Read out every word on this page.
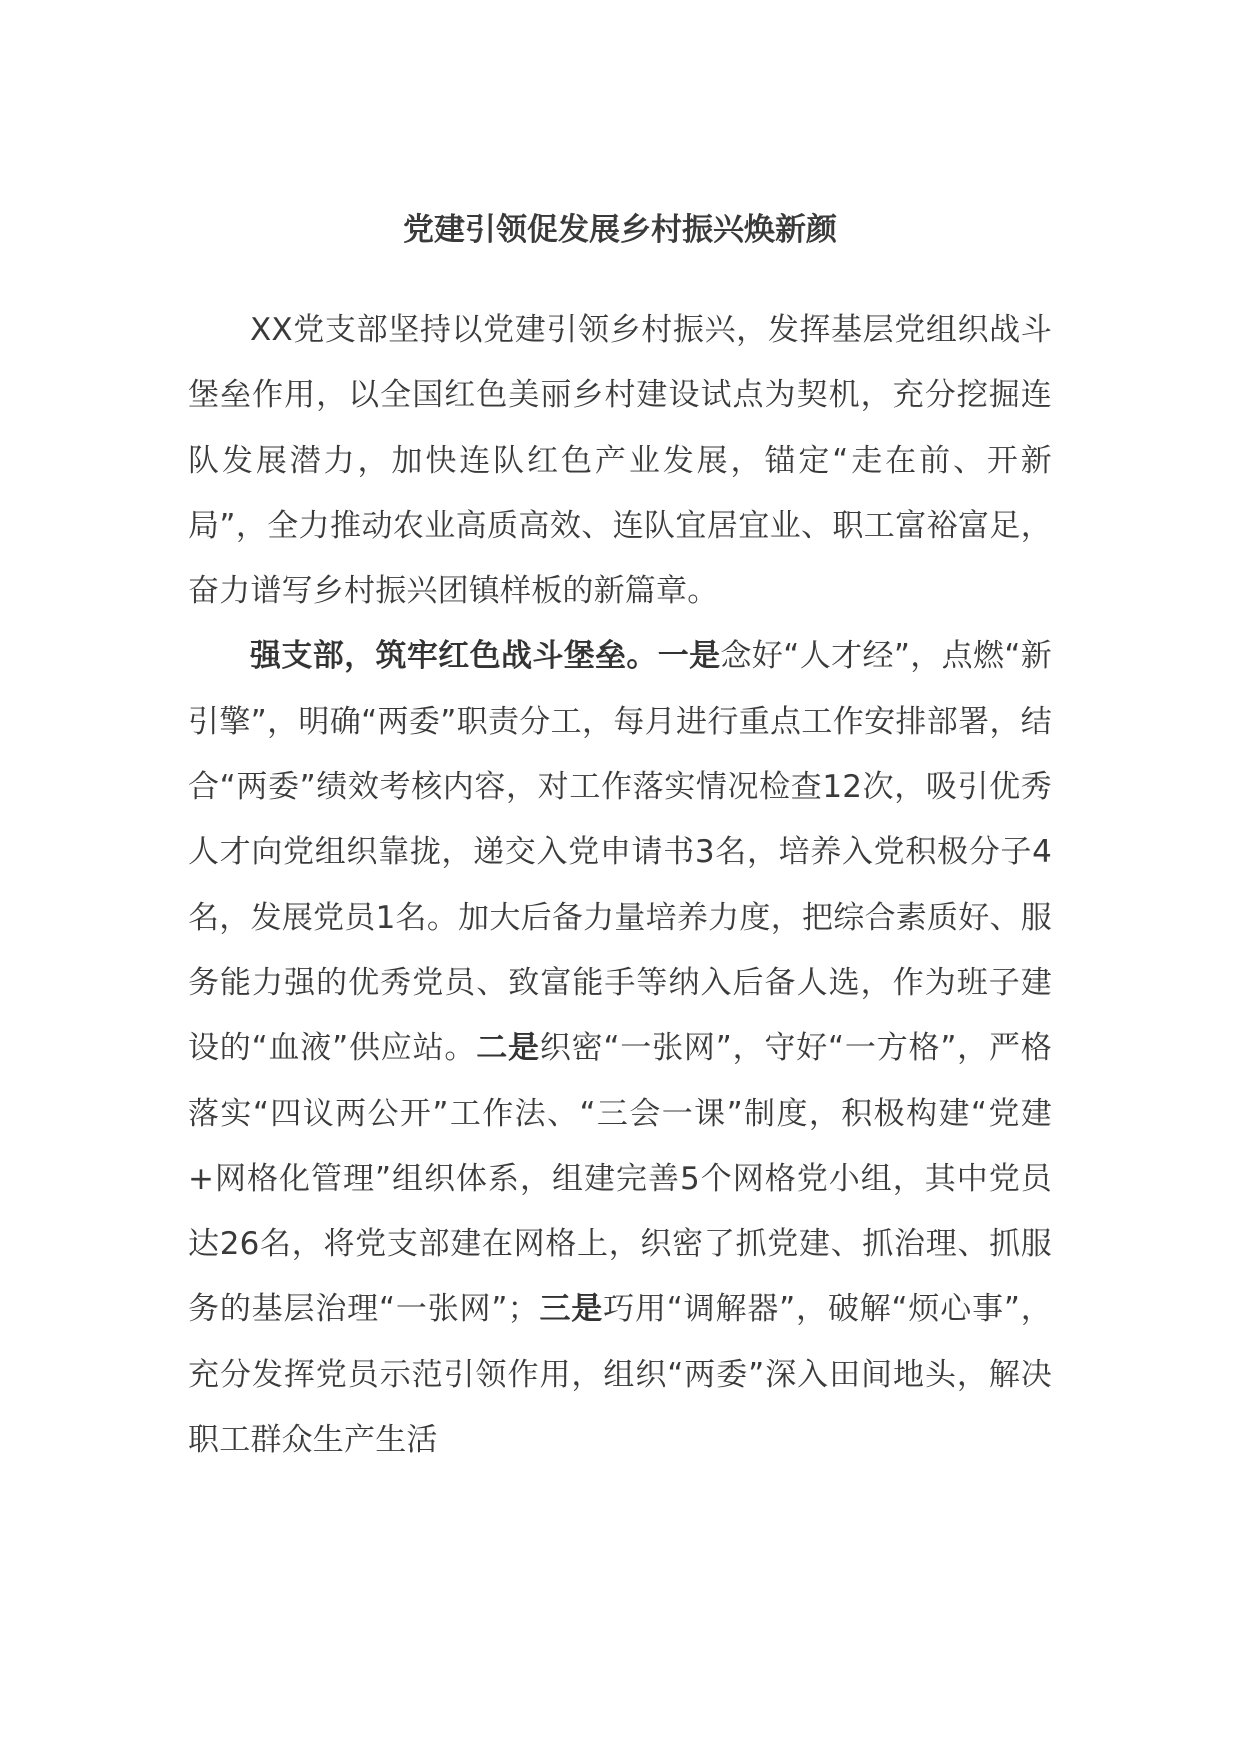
党建引领促发展乡村振兴焕新颜

XX党支部坚持以党建引领乡村振兴，发挥基层党组织战斗堡垒作用，以全国红色美丽乡村建设试点为契机，充分挖掘连队发展潜力，加快连队红色产业发展，锚定“走在前、开新局”，全力推动农业高质高效、连队宜居宜业、职工富裕富足，奋力谱写乡村振兴团镇样板的新篇章。

强支部，筑牢红色战斗堡垒。一是念好“人才经”，点燃“新引擎”，明确“两委”职责分工，每月进行重点工作安排部署，结合“两委”绩效考核内容，对工作落实情况检查12次，吸引优秀人才向党组织靠拢，递交入党申请书3名，培养入党积极分子4名，发展党员1名。加大后备力量培养力度，把综合素质好、服务能力强的优秀党员、致富能手等纳入后备人选，作为班子建设的“血液”供应站。二是织密“一张网”，守好“一方格”，严格落实“四议两公开”工作法、“三会一课”制度，积极构建“党建+网格化管理”组织体系，组建完善5个网格党小组，其中党员达26名，将党支部建在网格上，织密了抓党建、抓治理、抓服务的基层治理“一张网”；三是巧用“调解器”，破解“烦心事”，充分发挥党员示范引领作用，组织“两委”深入田间地头，解决职工群众生产生活
